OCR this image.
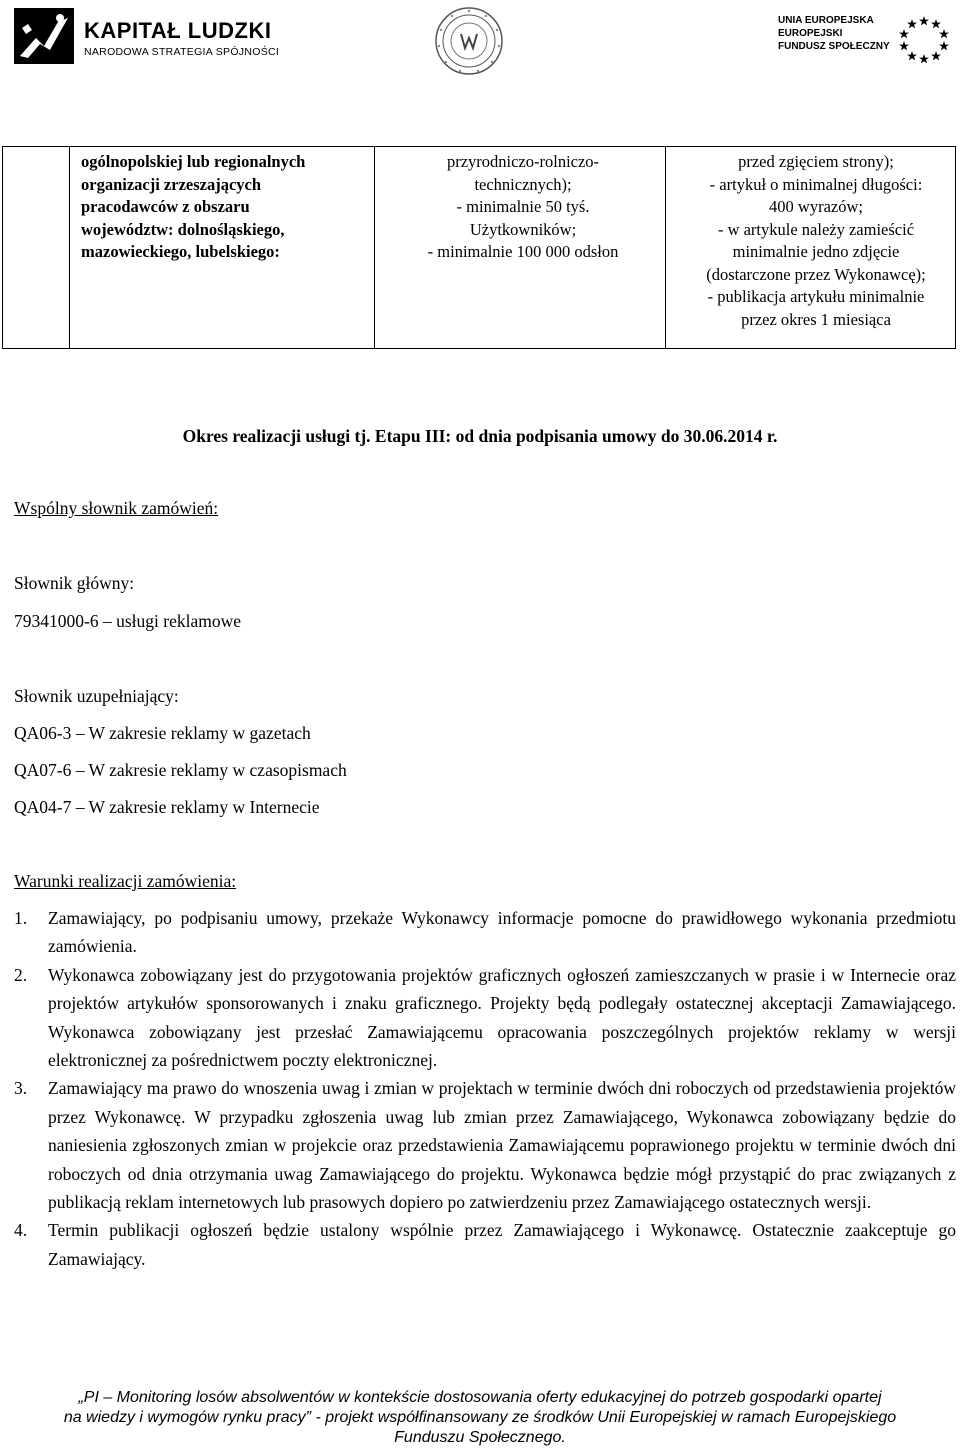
KAPITAŁ LUDZKI
NARODOWA STRATEGIA SPÓJNOŚCI
UNIA EUROPEJSKA
EUROPEJSKI
FUNDUSZ SPOŁECZNY
ogólnopolskiej lub regionalnych
organizacji zrzeszających
pracodawców z obszaru
województw: dolnośląskiego,
mazowieckiego, lubelskiego:
przyrodniczo-rolniczo-
technicznych);
- minimalnie 50 tyś.
Użytkowników;
- minimalnie 100 000 odsłon
przed zgięciem strony);
- artykuł o minimalnej długości:
400 wyrazów;
- w artykule należy zamieścić
minimalnie jedno zdjęcie
(dostarczone przez Wykonawcę);
- publikacja artykułu minimalnie
przez okres 1 miesiąca
Okres realizacji usługi tj. Etapu III: od dnia podpisania umowy do 30.06.2014 r.
Wspólny słownik zamówień:
Słownik główny:
79341000-6 – usługi reklamowe
Słownik uzupełniający:
QA06-3 – W zakresie reklamy w gazetach
QA07-6 – W zakresie reklamy w czasopismach
QA04-7 – W zakresie reklamy w Internecie
Warunki realizacji zamówienia:
1. Zamawiający, po podpisaniu umowy, przekaże Wykonawcy informacje pomocne do prawidłowego wykonania przedmiotu zamówienia.
2. Wykonawca zobowiązany jest do przygotowania projektów graficznych ogłoszeń zamieszczanych w prasie i w Internecie oraz projektów artykułów sponsorowanych i znaku graficznego. Projekty będą podlegały ostatecznej akceptacji Zamawiającego. Wykonawca zobowiązany jest przesłać Zamawiającemu opracowania poszczególnych projektów reklamy w wersji elektronicznej za pośrednictwem poczty elektronicznej.
3. Zamawiający ma prawo do wnoszenia uwag i zmian w projektach w terminie dwóch dni roboczych od przedstawienia projektów przez Wykonawcę. W przypadku zgłoszenia uwag lub zmian przez Zamawiającego, Wykonawca zobowiązany będzie do naniesienia zgłoszonych zmian w projekcie oraz przedstawienia Zamawiającemu poprawionego projektu w terminie dwóch dni roboczych od dnia otrzymania uwag Zamawiającego do projektu. Wykonawca będzie mógł przystąpić do prac związanych z publikacją reklam internetowych lub prasowych dopiero po zatwierdzeniu przez Zamawiającego ostatecznych wersji.
4. Termin publikacji ogłoszeń będzie ustalony wspólnie przez Zamawiającego i Wykonawcę. Ostatecznie zaakceptuje go Zamawiający.
„PI – Monitoring losów absolwentów w kontekście dostosowania oferty edukacyjnej do potrzeb gospodarki opartej
na wiedzy i wymogów rynku pracy” - projekt współfinansowany ze środków Unii Europejskiej w ramach Europejskiego
Funduszu Społecznego.
